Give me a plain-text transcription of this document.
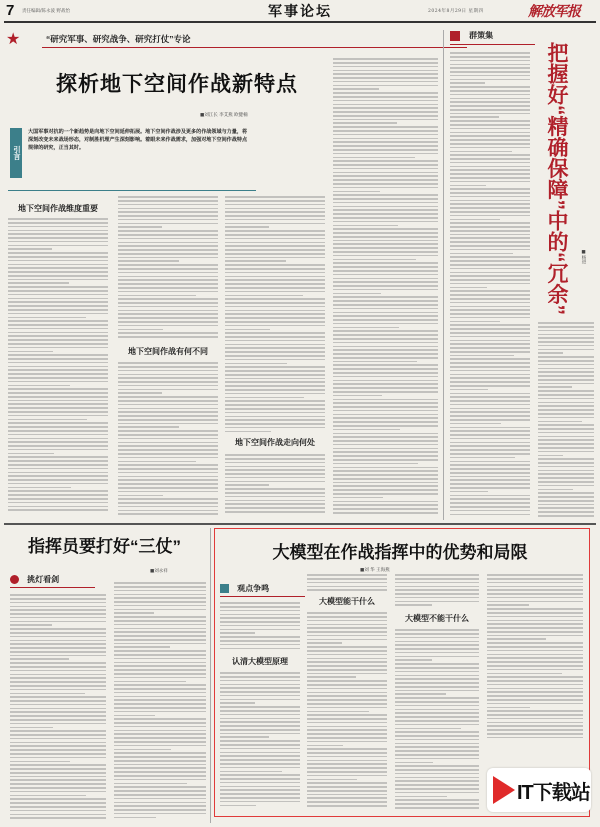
7 责任编辑/陈永波 野战怡	军事论坛	2024年8月29日 星期四	解放军报
★	“研究军事、研究战争、研究打仗”专论
探析地下空间作战新特点
■刘江长 李艾燕 欧健楠
引言
大国军事对抗的一个新趋势是向地下空间延伸拓展。地下空间作战涉及更多的作战领域与力量，将深刻改变未来战场形态，对制胜机理产生深刻影响。着眼未来作战需求，加强对地下空间作战特点规律的研究，正当其时。
地下空间作战维度重要
地下空间作战有何不同
地下空间作战走向何处
$^{群策集}$
把握好“精确保障”中的“冗余”	■杨进
指挥员要打好“三仗”
■刘永祥
$^{挑灯看剑}$
大模型在作战指挥中的优势和局限
■刘 华 王海燕
$^{观点争鸣}$
认清大模型原理
大模型能干什么
大模型不能干什么
IT下载站
